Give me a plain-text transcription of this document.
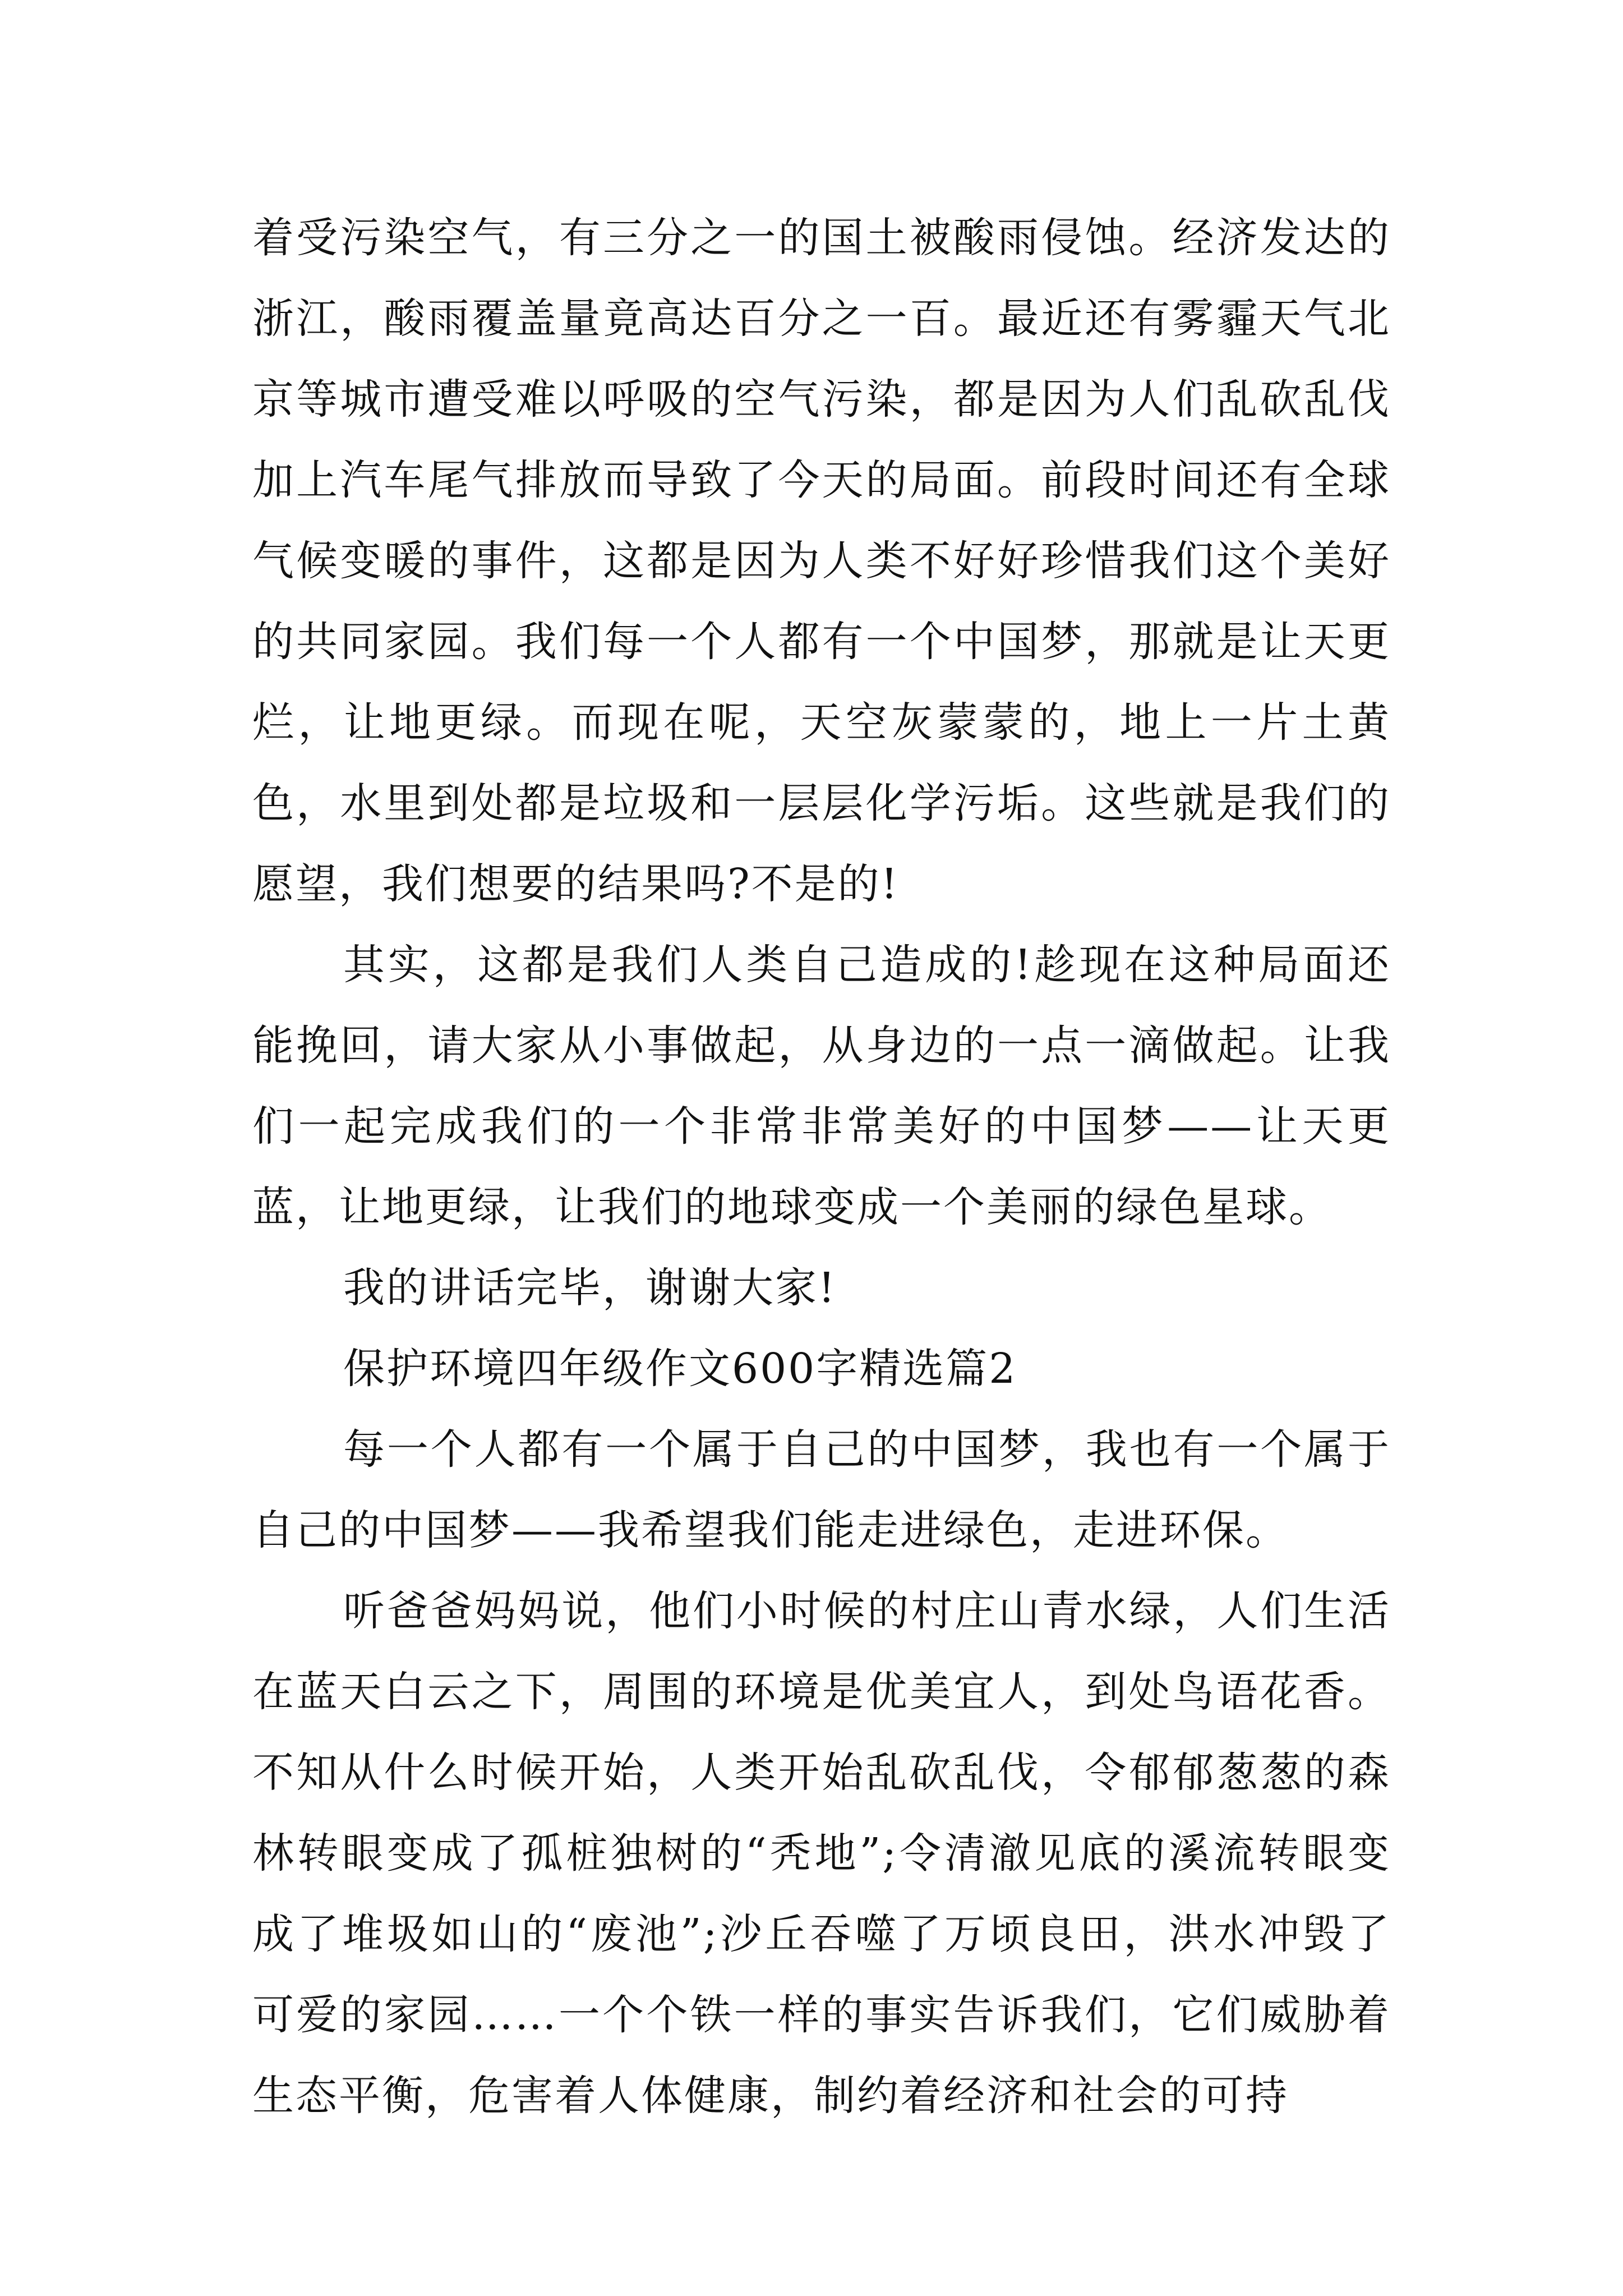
着受污染空气，有三分之一的国土被酸雨侵蚀。经济发达的浙江，酸雨覆盖量竟高达百分之一百。最近还有雾霾天气北京等城市遭受难以呼吸的空气污染，都是因为人们乱砍乱伐加上汽车尾气排放而导致了今天的局面。前段时间还有全球气候变暖的事件，这都是因为人类不好好珍惜我们这个美好的共同家园。我们每一个人都有一个中国梦，那就是让天更烂，让地更绿。而现在呢，天空灰蒙蒙的，地上一片土黄色，水里到处都是垃圾和一层层化学污垢。这些就是我们的愿望，我们想要的结果吗?不是的!

其实，这都是我们人类自己造成的!趁现在这种局面还能挽回，请大家从小事做起，从身边的一点一滴做起。让我们一起完成我们的一个非常非常美好的中国梦——让天更蓝，让地更绿，让我们的地球变成一个美丽的绿色星球。

我的讲话完毕，谢谢大家!

保护环境四年级作文600字精选篇2

每一个人都有一个属于自己的中国梦，我也有一个属于自己的中国梦——我希望我们能走进绿色，走进环保。

听爸爸妈妈说，他们小时候的村庄山青水绿，人们生活在蓝天白云之下，周围的环境是优美宜人，到处鸟语花香。不知从什么时候开始，人类开始乱砍乱伐，令郁郁葱葱的森林转眼变成了孤桩独树的“秃地”;令清澈见底的溪流转眼变成了堆圾如山的“废池”;沙丘吞噬了万顷良田，洪水冲毁了可爱的家园……一个个铁一样的事实告诉我们，它们威胁着生态平衡，危害着人体健康，制约着经济和社会的可持
